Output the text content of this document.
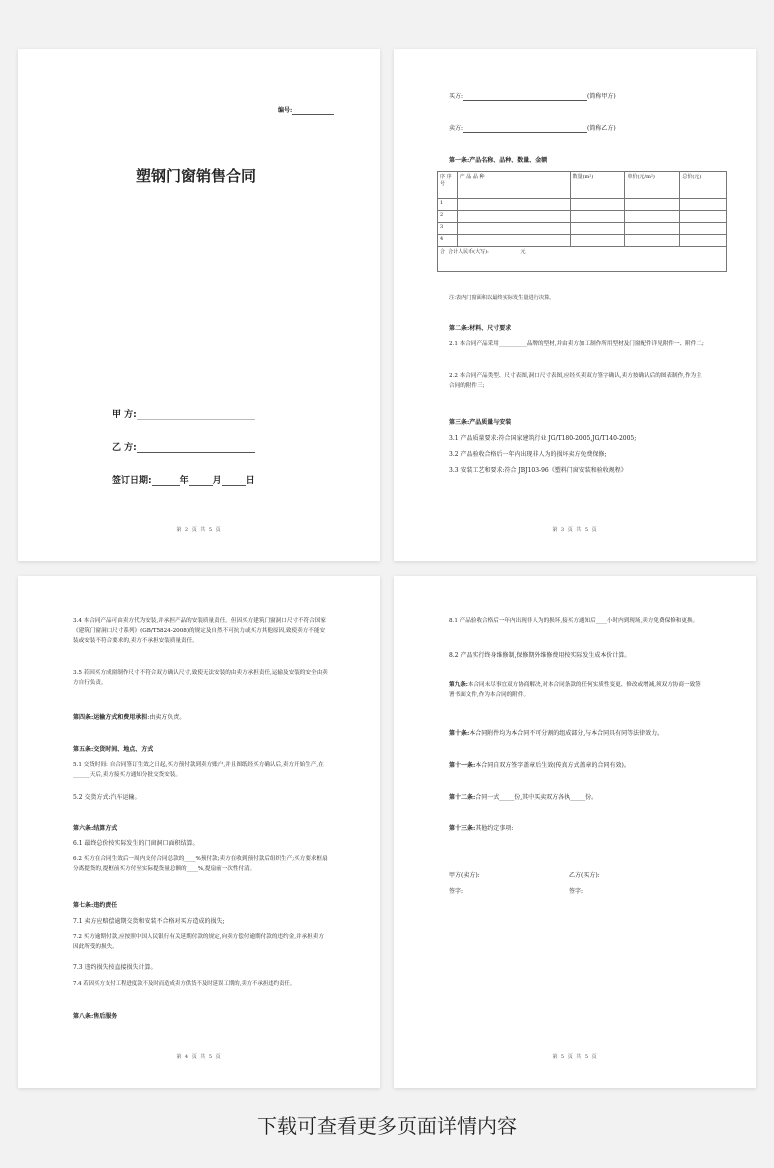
编号:
塑钢门窗销售合同
甲 方:
乙 方:
签订日期:	年	月	日
第 2 页 共 5 页
买方:	(简称甲方)
卖方:	(简称乙方)
第一条:产品名称、品种、数量、金额
序 序 号	产 品 品 种	数量(m²)	单价(元/m²)	总价(元)
1				
2				
3				
4				
合  合计人民币(大写):                    元				
注:表内门窗面积以最终实际发生量进行决算。
第二条:材料、尺寸要求
2.1 本合同产品采用__________品牌的型材,并由卖方加工制作所用型材及门窗配件详见附件一、附件二;
2.2 本合同产品类型、尺寸表图,洞口尺寸表图,应经买卖双方签字确认,卖方按确认后的图表制作,作为主合同的附件三;
第三条:产品质量与安装
3.1 产品质量要求:符合国家建筑行业 JG/T180-2005,JG/T140-2005;
3.2 产品验收合格后一年内出现非人为的损坏卖方免费保修;
3.3 安装工艺和要求:符合 JBJ103-96《塑料门窗安装和验收规程》
第 3 页 共 5 页
3.4 本合同产品可由卖方代为安装,并承担产品的安装质量责任。但因买方建筑门窗洞口尺寸不符合国家《建筑门窗洞口尺寸系列》(GB/T5824-2008)的规定及自然不可抗力或买方其他原因,致使卖方不能安装或安装不符合要求的,卖方不承担安装质量责任。
3.5 若因买方成窗制作尺寸不符合双方确认尺寸,致使无法安装的由卖方承担责任,运输及安装的安全由卖方自行负责。
第四条:运输方式和费用承担:由卖方负责。
第五条:交货时间、地点、方式
5.1 交货时间: 自合同签订生效之日起,买方预付款到卖方账户,并且图纸经买方确认后,卖方开始生产,在______天后,卖方接买方通知分批交货安装。
5.2 交货方式:汽车运输。
第六条:结算方式
6.1 最终总价按实际发生的门窗洞口面积结算。
6.2 买方在合同生效后一周内支付合同总款的____%预付款;卖方在收到预付款后组织生产;买方要求框扇分离提货的,提框前买方付至实际提货量总额的____%,提扇前一次性付清。
第七条:违约责任
7.1 卖方应赔偿逾期交货和安装不合格对买方造成的损失;
7.2 买方逾期付款,应按照中国人民银行有关延期付款的规定,向卖方偿付逾期付款的违约金,并承担卖方因此所受的损失。
7.3 违约损失按直接损失计算。
7.4 若因买方支付工程进度款不及时而造成卖方供货不及时延误工期的,卖方不承担违约责任。
第八条:售后服务
第 4 页 共 5 页
8.1 产品验收合格后一年内出现非人为的损坏,接买方通知后____小时内到现场,卖方免费保修和更换。
8.2 产品实行终身维修制,保修期外维修费用按实际发生成本价计算。
第九条:本合同未尽事宜双方协商解决,对本合同条款的任何实质性变更、修改或增减,须双方协商一致签署书面文件,作为本合同的附件。
第十条:本合同附件均为本合同不可分割的组成部分,与本合同具有同等法律效力。
第十一条:本合同自双方签字盖章后生效(传真方式盖章的合同有效)。
第十二条:合同一式_____份,其中买卖双方各执_____份。
第十三条:其他约定事项:
甲方(卖方):	乙方(买方):
签字:	签字:
第 5 页 共 5 页
下载可查看更多页面详情内容
